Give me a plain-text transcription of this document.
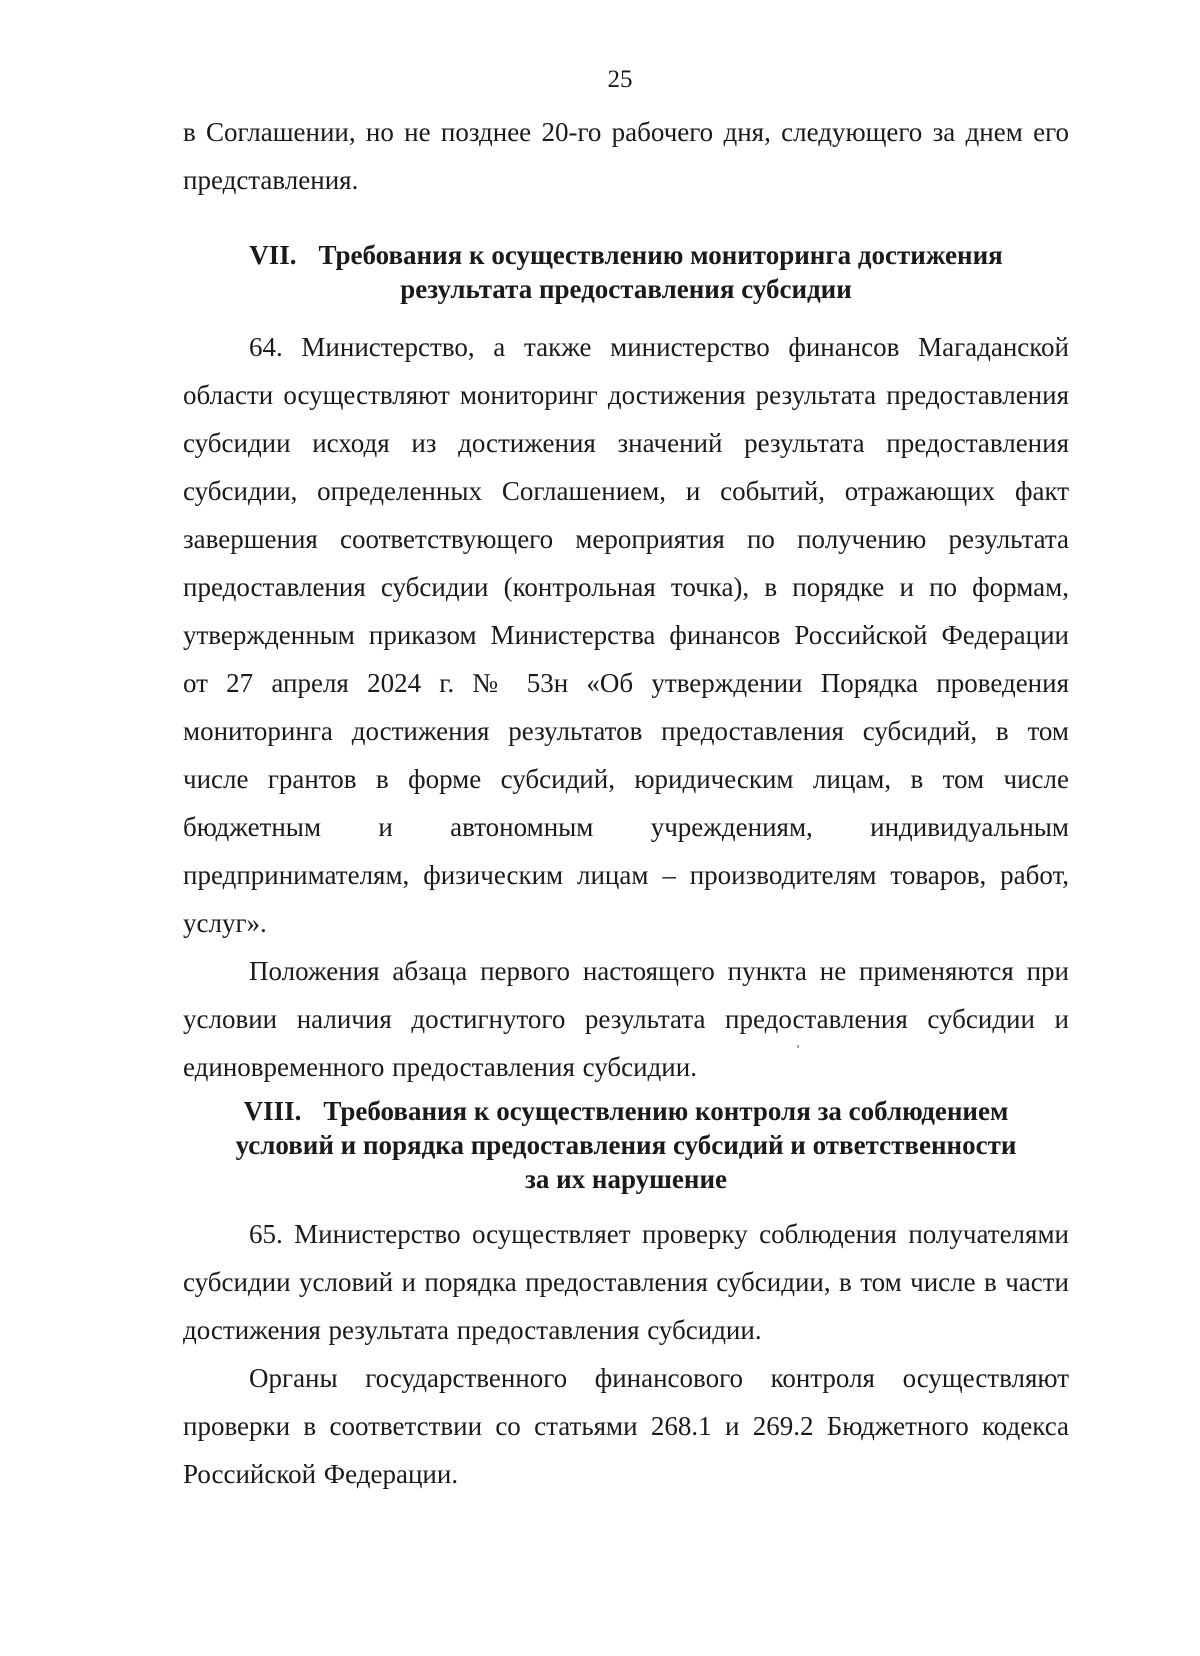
25

в Соглашении, но не позднее 20-го рабочего дня, следующего за днем его представления.

VII. Требования к осуществлению мониторинга достижения
результата предоставления субсидии

64. Министерство, а также министерство финансов Магаданской области осуществляют мониторинг достижения результата предоставления субсидии исходя из достижения значений результата предоставления субсидии, определенных Соглашением, и событий, отражающих факт завершения соответствующего мероприятия по получению результата предоставления субсидии (контрольная точка), в порядке и по формам, утвержденным приказом Министерства финансов Российской Федерации от 27 апреля 2024 г. № 53н «Об утверждении Порядка проведения мониторинга достижения результатов предоставления субсидий, в том числе грантов в форме субсидий, юридическим лицам, в том числе бюджетным и автономным учреждениям, индивидуальным предпринимателям, физическим лицам – производителям товаров, работ, услуг».

Положения абзаца первого настоящего пункта не применяются при условии наличия достигнутого результата предоставления субсидии и единовременного предоставления субсидии.

VIII. Требования к осуществлению контроля за соблюдением
условий и порядка предоставления субсидий и ответственности
за их нарушение

65. Министерство осуществляет проверку соблюдения получателями субсидии условий и порядка предоставления субсидии, в том числе в части достижения результата предоставления субсидии.

Органы государственного финансового контроля осуществляют проверки в соответствии со статьями 268.1 и 269.2 Бюджетного кодекса Российской Федерации.
